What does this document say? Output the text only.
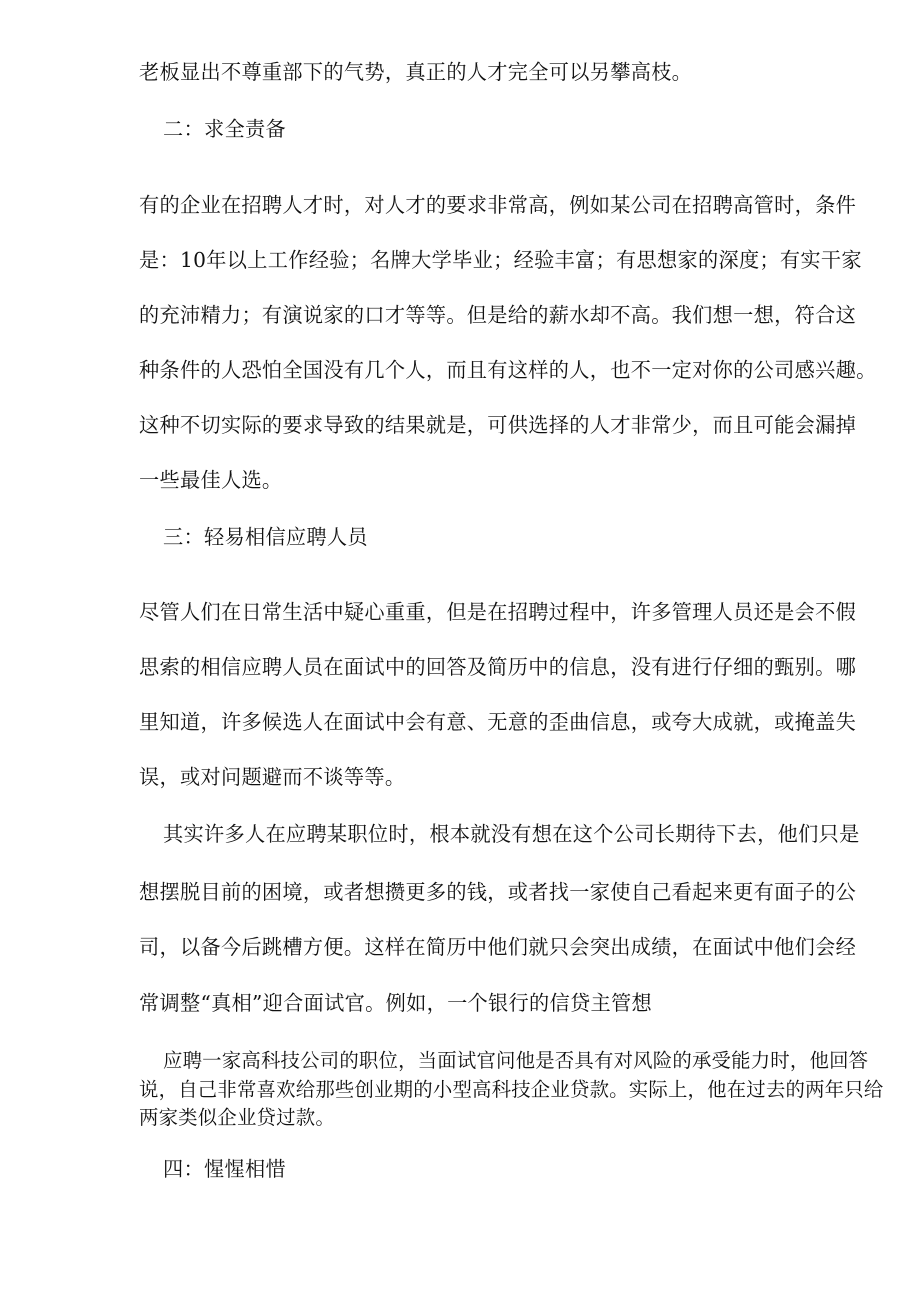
老板显出不尊重部下的气势，真正的人才完全可以另攀高枝。
二：求全责备
有的企业在招聘人才时，对人才的要求非常高，例如某公司在招聘高管时，条件
是：10年以上工作经验；名牌大学毕业；经验丰富；有思想家的深度；有实干家
的充沛精力；有演说家的口才等等。但是给的薪水却不高。我们想一想，符合这
种条件的人恐怕全国没有几个人，而且有这样的人，也不一定对你的公司感兴趣。
这种不切实际的要求导致的结果就是，可供选择的人才非常少，而且可能会漏掉
一些最佳人选。
三：轻易相信应聘人员
尽管人们在日常生活中疑心重重，但是在招聘过程中，许多管理人员还是会不假
思索的相信应聘人员在面试中的回答及简历中的信息，没有进行仔细的甄别。哪
里知道，许多候选人在面试中会有意、无意的歪曲信息，或夸大成就，或掩盖失
误，或对问题避而不谈等等。
其实许多人在应聘某职位时，根本就没有想在这个公司长期待下去，他们只是
想摆脱目前的困境，或者想攒更多的钱，或者找一家使自己看起来更有面子的公
司，以备今后跳槽方便。这样在简历中他们就只会突出成绩，在面试中他们会经
常调整“真相”迎合面试官。例如，一个银行的信贷主管想
应聘一家高科技公司的职位，当面试官问他是否具有对风险的承受能力时，他回答
说，自己非常喜欢给那些创业期的小型高科技企业贷款。实际上，他在过去的两年只给
两家类似企业贷过款。
四：惺惺相惜
